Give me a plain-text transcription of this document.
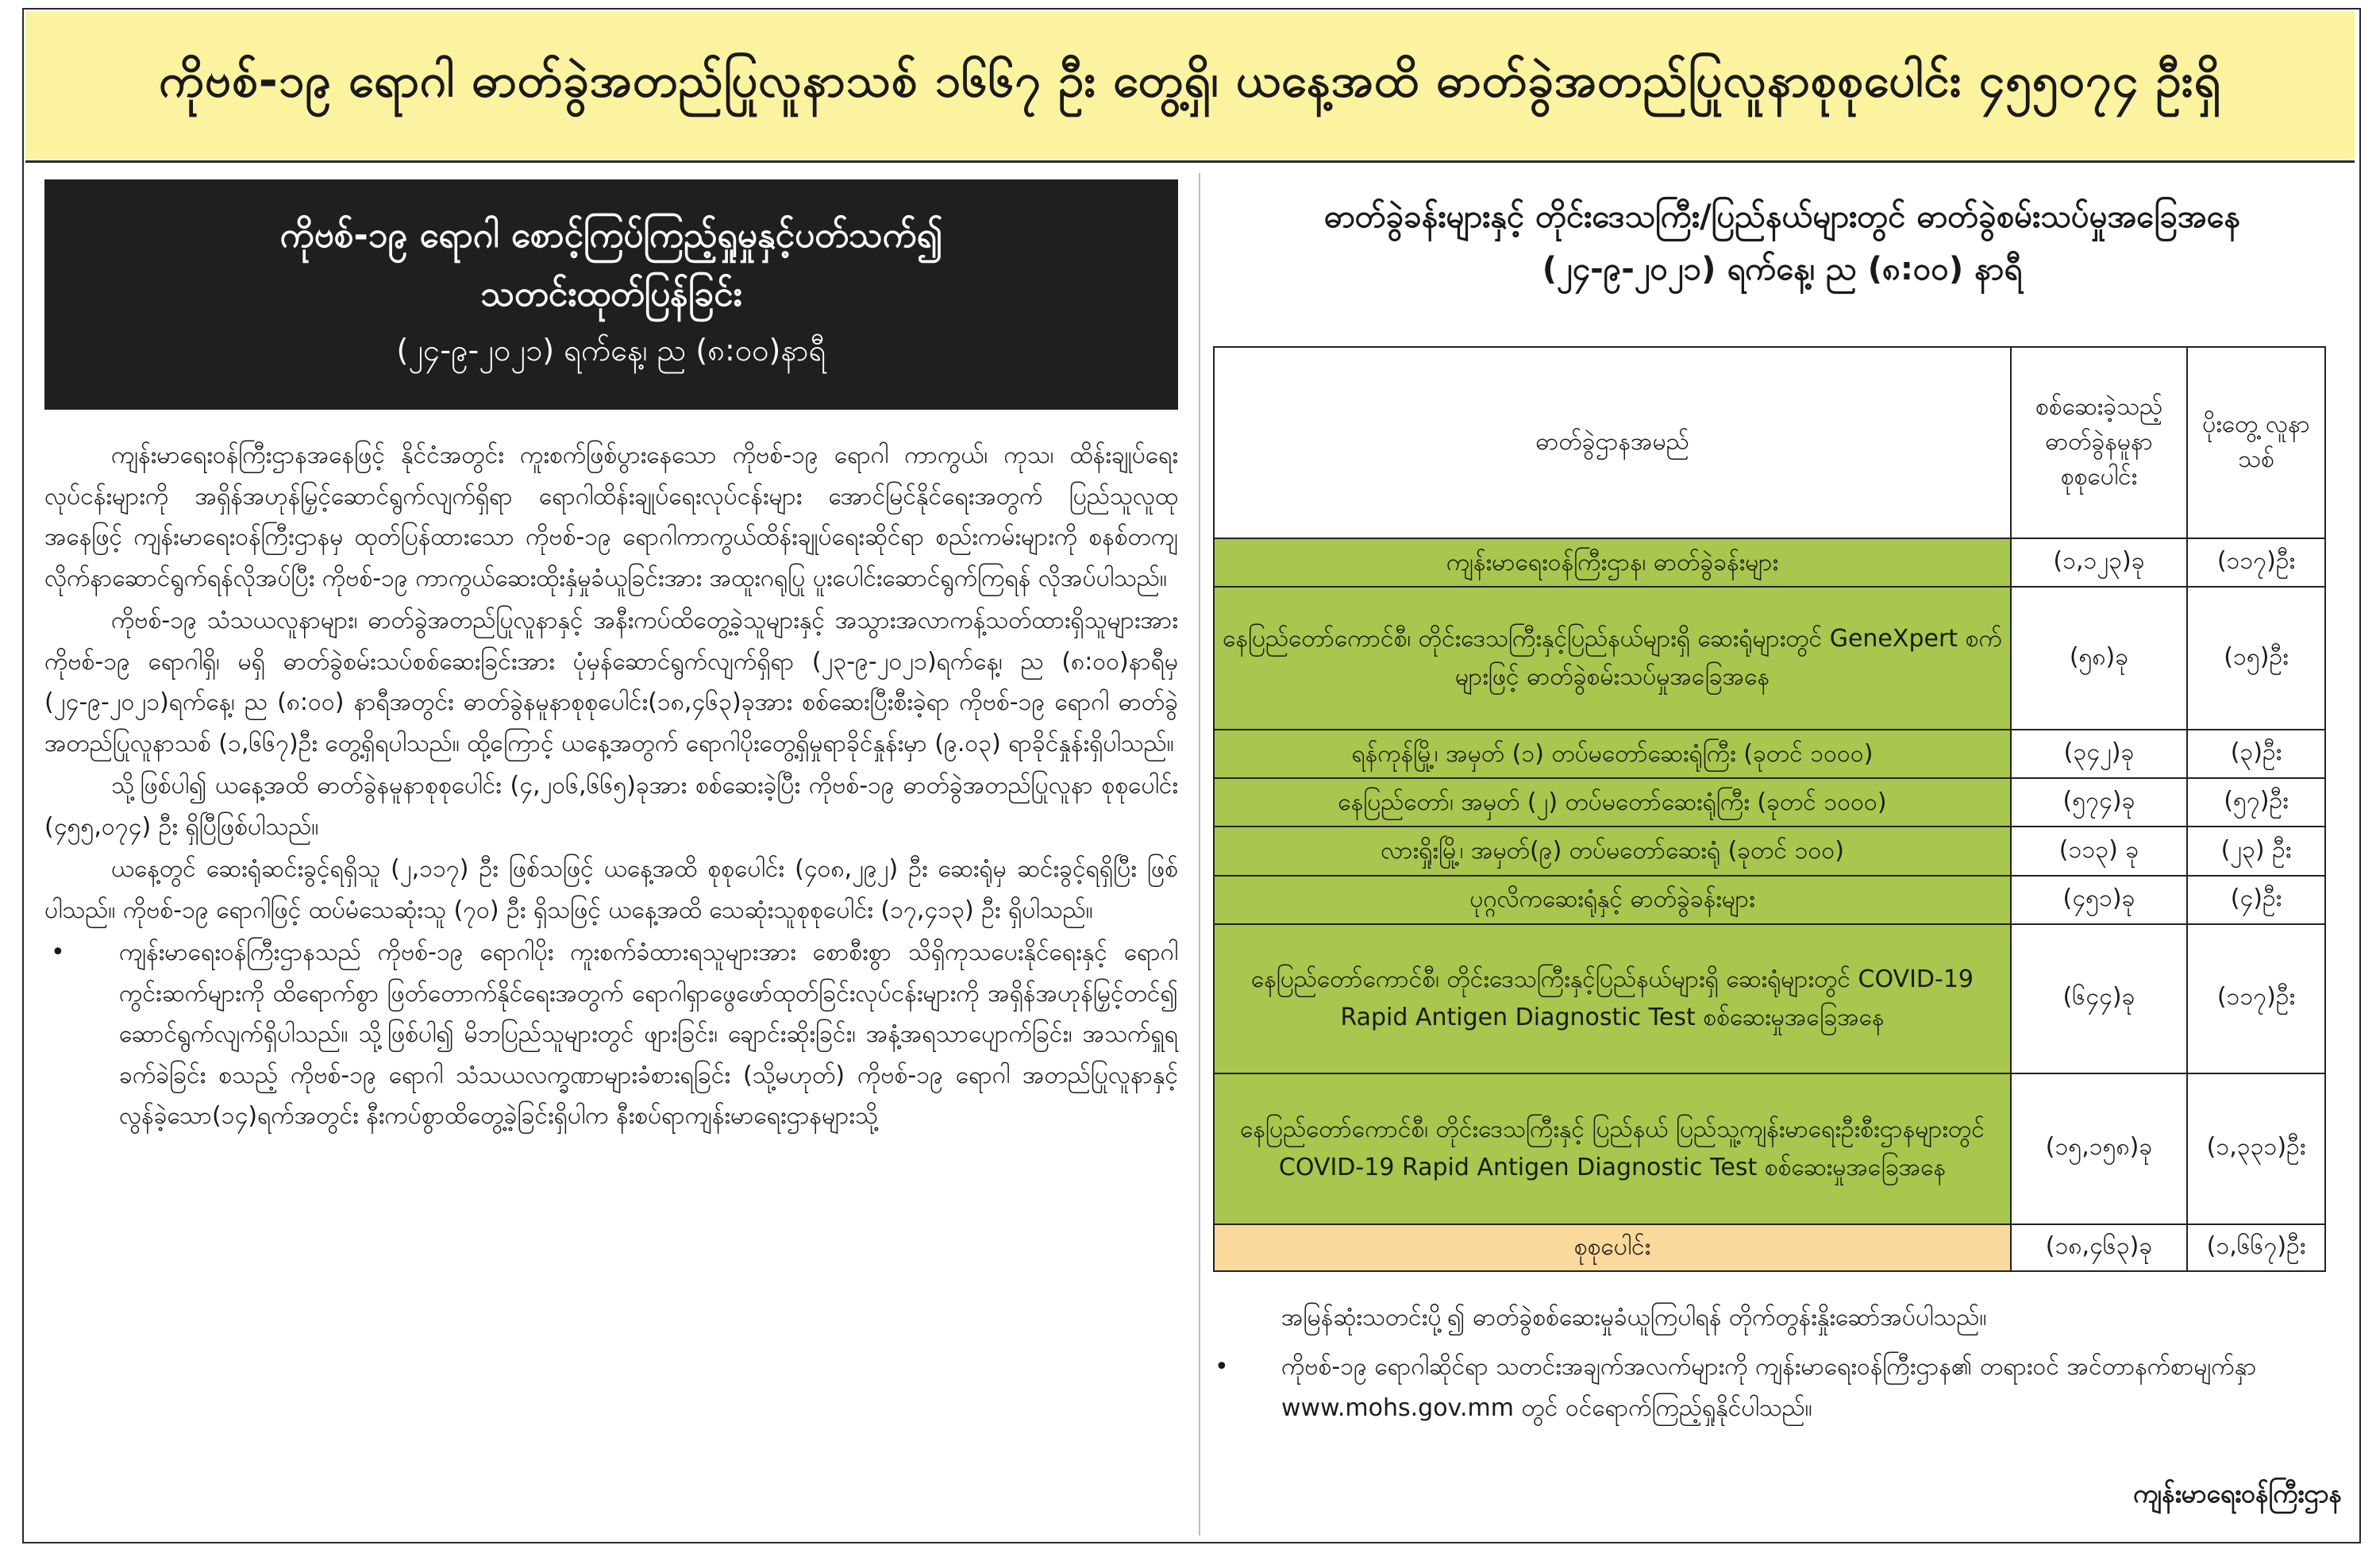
ကိုဗစ်-၁၉ ရောဂါ ဓာတ်ခွဲအတည်ပြုလူနာသစ် ၁၆၆၇ ဦး တွေ့ရှိ၊ ယနေ့အထိ ဓာတ်ခွဲအတည်ပြုလူနာစုစုပေါင်း ၄၅၅၀၇၄ ဦးရှိ
ကိုဗစ်-၁၉ ရောဂါ စောင့်ကြပ်ကြည့်ရှုမှုနှင့်ပတ်သက်၍
သတင်းထုတ်ပြန်ခြင်း
(၂၄-၉-၂၀၂၁) ရက်နေ့၊ ည (၈:၀၀)နာရီ

ကျန်းမာရေးဝန်ကြီးဌာနအနေဖြင့် နိုင်ငံအတွင်း ကူးစက်ဖြစ်ပွားနေသော ကိုဗစ်-၁၉ ရောဂါ ကာကွယ်၊ ကုသ၊ ထိန်းချုပ်ရေးလုပ်ငန်းများကို အရှိန်အဟုန်မြှင့်ဆောင်ရွက်လျက်ရှိရာ ရောဂါထိန်းချုပ်ရေးလုပ်ငန်းများ အောင်မြင်နိုင်ရေးအတွက် ပြည်သူလူထုအနေဖြင့် ကျန်းမာရေးဝန်ကြီးဌာနမှ ထုတ်ပြန်ထားသော ကိုဗစ်-၁၉ ရောဂါကာကွယ်ထိန်းချုပ်ရေးဆိုင်ရာ စည်းကမ်းများကို စနစ်တကျ လိုက်နာဆောင်ရွက်ရန်လိုအပ်ပြီး ကိုဗစ်-၁၉ ကာကွယ်ဆေးထိုးနှံမှုခံယူခြင်းအား အထူးဂရုပြု ပူးပေါင်းဆောင်ရွက်ကြရန် လိုအပ်ပါသည်။

ကိုဗစ်-၁၉ သံသယလူနာများ၊ ဓာတ်ခွဲအတည်ပြုလူနာနှင့် အနီးကပ်ထိတွေ့ခဲ့သူများနှင့် အသွားအလာကန့်သတ်ထားရှိသူများအား ကိုဗစ်-၁၉ ရောဂါရှိ၊ မရှိ ဓာတ်ခွဲစမ်းသပ်စစ်ဆေးခြင်းအား ပုံမှန်ဆောင်ရွက်လျက်ရှိရာ (၂၃-၉-၂၀၂၁)ရက်နေ့၊ ည (၈:၀၀)နာရီမှ (၂၄-၉-၂၀၂၁)ရက်နေ့၊ ည (၈:၀၀) နာရီအတွင်း ဓာတ်ခွဲနမူနာစုစုပေါင်း(၁၈,၄၆၃)ခုအား စစ်ဆေးပြီးစီးခဲ့ရာ ကိုဗစ်-၁၉ ရောဂါ ဓာတ်ခွဲအတည်ပြုလူနာသစ် (၁,၆၆၇)ဦး တွေ့ရှိရပါသည်။ ထို့ကြောင့် ယနေ့အတွက် ရောဂါပိုးတွေ့ရှိမှုရာခိုင်နှုန်းမှာ (၉.၀၃) ရာခိုင်နှုန်းရှိပါသည်။

သို့ဖြစ်ပါ၍ ယနေ့အထိ ဓာတ်ခွဲနမူနာစုစုပေါင်း (၄,၂၀၆,၆၆၅)ခုအား စစ်ဆေးခဲ့ပြီး ကိုဗစ်-၁၉ ဓာတ်ခွဲအတည်ပြုလူနာ စုစုပေါင်း (၄၅၅,၀၇၄) ဦး ရှိပြီဖြစ်ပါသည်။

ယနေ့တွင် ဆေးရုံဆင်းခွင့်ရရှိသူ (၂,၁၁၇) ဦး ဖြစ်သဖြင့် ယနေ့အထိ စုစုပေါင်း (၄၀၈,၂၉၂) ဦး ဆေးရုံမှ ဆင်းခွင့်ရရှိပြီး ဖြစ်ပါသည်။ ကိုဗစ်-၁၉ ရောဂါဖြင့် ထပ်မံသေဆုံးသူ (၇၀) ဦး ရှိသဖြင့် ယနေ့အထိ သေဆုံးသူစုစုပေါင်း (၁၇,၄၁၃) ဦး ရှိပါသည်။

•	ကျန်းမာရေးဝန်ကြီးဌာနသည် ကိုဗစ်-၁၉ ရောဂါပိုး ကူးစက်ခံထားရသူများအား စောစီးစွာ သိရှိကုသပေးနိုင်ရေးနှင့် ရောဂါကွင်းဆက်များကို ထိရောက်စွာ ဖြတ်တောက်နိုင်ရေးအတွက် ရောဂါရှာဖွေဖော်ထုတ်ခြင်းလုပ်ငန်းများကို အရှိန်အဟုန်မြှင့်တင်၍ ဆောင်ရွက်လျက်ရှိပါသည်။ သို့ဖြစ်ပါ၍ မိဘပြည်သူများတွင် ဖျားခြင်း၊ ချောင်းဆိုးခြင်း၊ အနံ့အရသာပျောက်ခြင်း၊ အသက်ရှူရခက်ခဲခြင်း စသည့် ကိုဗစ်-၁၉ ရောဂါ သံသယလက္ခဏာများခံစားရခြင်း (သို့မဟုတ်) ကိုဗစ်-၁၉ ရောဂါ အတည်ပြုလူနာနှင့် လွန်ခဲ့သော(၁၄)ရက်အတွင်း နီးကပ်စွာထိတွေ့ခဲ့ခြင်းရှိပါက နီးစပ်ရာကျန်းမာရေးဌာနများသို့
ဓာတ်ခွဲခန်းများနှင့် တိုင်းဒေသကြီး/ပြည်နယ်များတွင် ဓာတ်ခွဲစမ်းသပ်မှုအခြေအနေ
(၂၄-၉-၂၀၂၁) ရက်နေ့၊ ည (၈:၀၀) နာရီ
ဓာတ်ခွဲဌာနအမည်	စစ်ဆေးခဲ့သည့် ဓာတ်ခွဲနမူနာ စုစုပေါင်း	ပိုးတွေ့ လူနာသစ်
ကျန်းမာရေးဝန်ကြီးဌာန၊ ဓာတ်ခွဲခန်းများ	(၁,၁၂၃)ခု	(၁၁၇)ဦး
နေပြည်တော်ကောင်စီ၊ တိုင်းဒေသကြီးနှင့်ပြည်နယ်များရှိ ဆေးရုံများတွင် GeneXpert စက်များဖြင့် ဓာတ်ခွဲစမ်းသပ်မှုအခြေအနေ	(၅၈)ခု	(၁၅)ဦး
ရန်ကုန်မြို့၊ အမှတ် (၁) တပ်မတော်ဆေးရုံကြီး (ခုတင် ၁၀၀၀)	(၃၄၂)ခု	(၃)ဦး
နေပြည်တော်၊ အမှတ် (၂) တပ်မတော်ဆေးရုံကြီး (ခုတင် ၁၀၀၀)	(၅၇၄)ခု	(၅၇)ဦး
လားရှိုးမြို့၊ အမှတ်(၉) တပ်မတော်ဆေးရုံ (ခုတင် ၁၀၀)	(၁၁၃) ခု	(၂၃) ဦး
ပုဂ္ဂလိကဆေးရုံနှင့် ဓာတ်ခွဲခန်းများ	(၄၅၁)ခု	(၄)ဦး
နေပြည်တော်ကောင်စီ၊ တိုင်းဒေသကြီးနှင့်ပြည်နယ်များရှိ ဆေးရုံများတွင် COVID-19 Rapid Antigen Diagnostic Test စစ်ဆေးမှုအခြေအနေ	(၆၄၄)ခု	(၁၁၇)ဦး
နေပြည်တော်ကောင်စီ၊ တိုင်းဒေသကြီးနှင့် ပြည်နယ် ပြည်သူ့ကျန်းမာရေးဦးစီးဌာနများတွင် COVID-19 Rapid Antigen Diagnostic Test စစ်ဆေးမှုအခြေအနေ	(၁၅,၁၅၈)ခု	(၁,၃၃၁)ဦး
စုစုပေါင်း	(၁၈,၄၆၃)ခု	(၁,၆၆၇)ဦး
အမြန်ဆုံးသတင်းပို့၍ ဓာတ်ခွဲစစ်ဆေးမှုခံယူကြပါရန် တိုက်တွန်းနှိုးဆော်အပ်ပါသည်။
•	ကိုဗစ်-၁၉ ရောဂါဆိုင်ရာ သတင်းအချက်အလက်များကို ကျန်းမာရေးဝန်ကြီးဌာန၏ တရားဝင် အင်တာနက်စာမျက်နှာ www.mohs.gov.mm တွင် ဝင်ရောက်ကြည့်ရှုနိုင်ပါသည်။
ကျန်းမာရေးဝန်ကြီးဌာန
